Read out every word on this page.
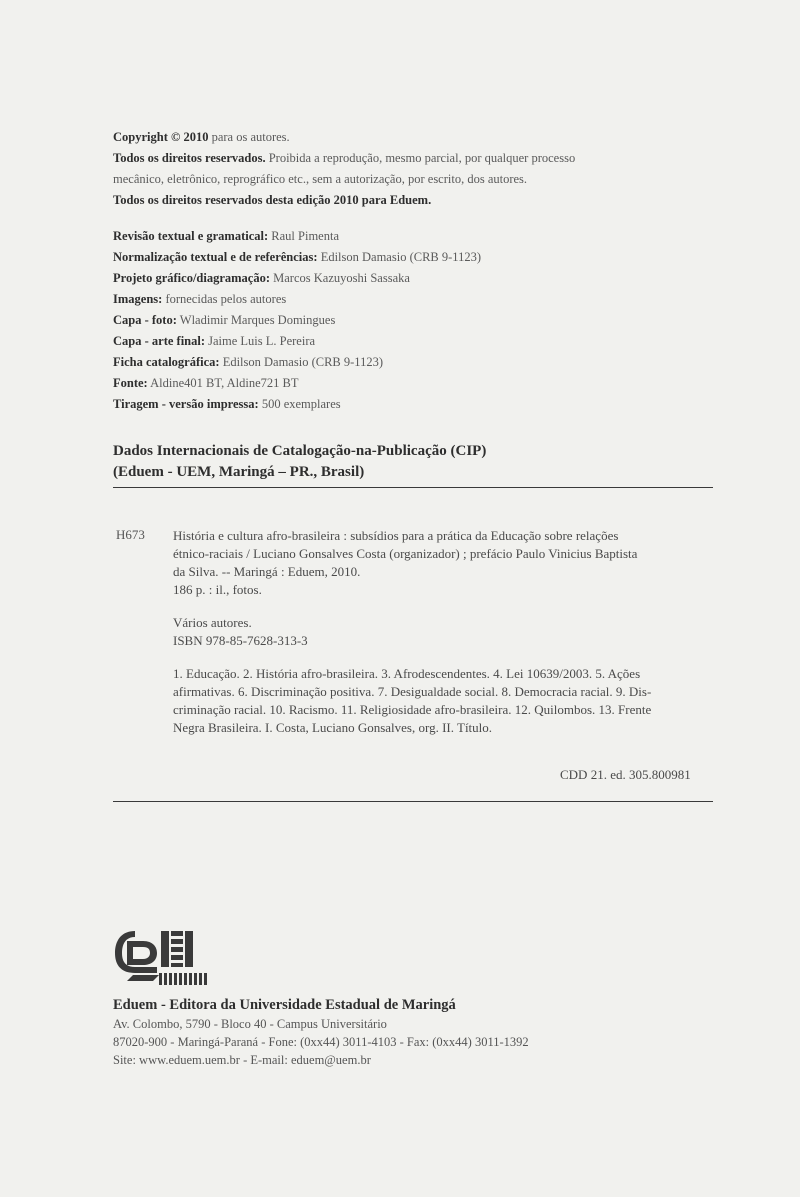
Copyright © 2010 para os autores.
Todos os direitos reservados. Proibida a reprodução, mesmo parcial, por qualquer processo
mecânico, eletrônico, reprográfico etc., sem a autorização, por escrito, dos autores.
Todos os direitos reservados desta edição 2010 para Eduem.
Revisão textual e gramatical: Raul Pimenta
Normalização textual e de referências: Edilson Damasio (CRB 9-1123)
Projeto gráfico/diagramação: Marcos Kazuyoshi Sassaka
Imagens: fornecidas pelos autores
Capa - foto: Wladimir Marques Domingues
Capa - arte final: Jaime Luis L. Pereira
Ficha catalográfica: Edilson Damasio (CRB 9-1123)
Fonte: Aldine401 BT, Aldine721 BT
Tiragem - versão impressa: 500 exemplares
Dados Internacionais de Catalogação-na-Publicação (CIP)
(Eduem - UEM, Maringá – PR., Brasil)
H673 História e cultura afro-brasileira : subsídios para a prática da Educação sobre relações

étnico-raciais / Luciano Gonsalves Costa (organizador) ; prefácio Paulo Vinicius Baptista

da Silva. -- Maringá : Eduem, 2010.

186 p. : il., fotos.

Vários autores.

ISBN 978-85-7628-313-3

1. Educação. 2. História afro-brasileira. 3. Afrodescendentes. 4. Lei 10639/2003. 5. Ações

afirmativas. 6. Discriminação positiva. 7. Desigualdade social. 8. Democracia racial. 9. Dis-

criminação racial. 10. Racismo. 11. Religiosidade afro-brasileira. 12. Quilombos. 13. Frente

Negra Brasileira. I. Costa, Luciano Gonsalves, org. II. Título.

CDD 21. ed. 305.800981
Eduem - Editora da Universidade Estadual de Maringá
Av. Colombo, 5790 - Bloco 40 - Campus Universitário
87020-900 - Maringá-Paraná - Fone: (0xx44) 3011-4103 - Fax: (0xx44) 3011-1392
Site: www.eduem.uem.br - E-mail: eduem@uem.br
